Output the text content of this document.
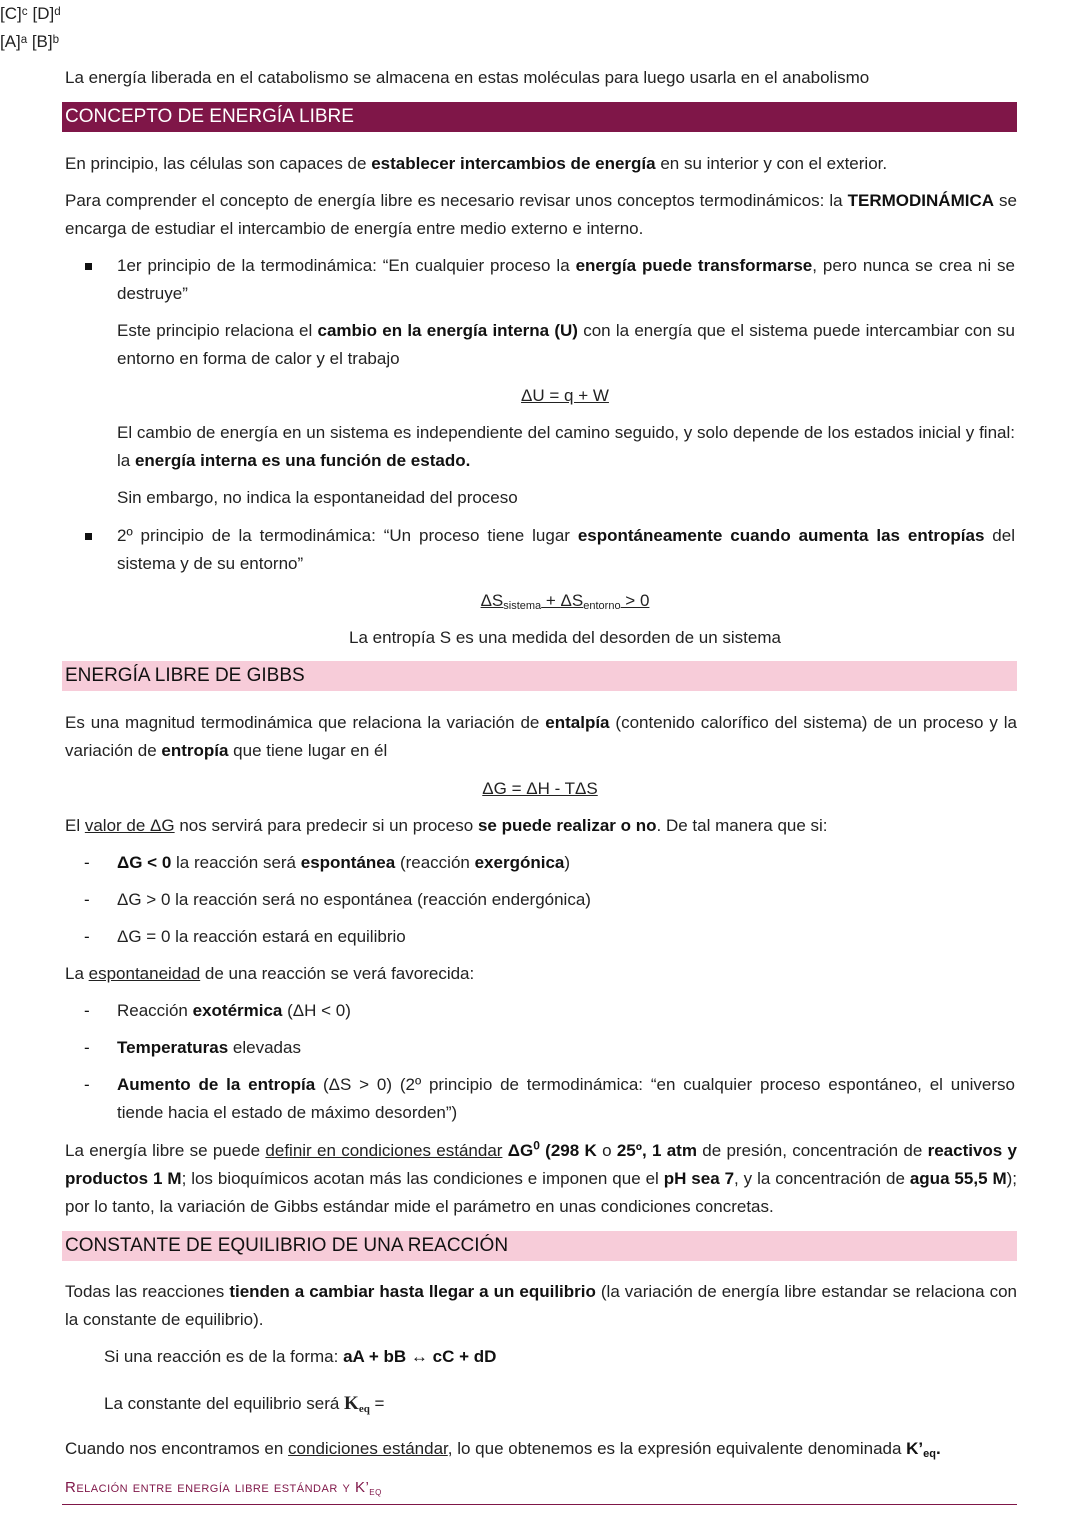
La energía liberada en el catabolismo se almacena en estas moléculas para luego usarla en el anabolismo

CONCEPTO DE ENERGÍA LIBRE

En principio, las células son capaces de establecer intercambios de energía en su interior y con el exterior.

Para comprender el concepto de energía libre es necesario revisar unos conceptos termodinámicos: la TERMODINÁMICA se encarga de estudiar el intercambio de energía entre medio externo e interno.

1er principio de la termodinámica: “En cualquier proceso la energía puede transformarse, pero nunca se crea ni se destruye”

Este principio relaciona el cambio en la energía interna (U) con la energía que el sistema puede intercambiar con su entorno en forma de calor y el trabajo

ΔU = q + W

El cambio de energía en un sistema es independiente del camino seguido, y solo depende de los estados inicial y final: la energía interna es una función de estado.

Sin embargo, no indica la espontaneidad del proceso

2º principio de la termodinámica: “Un proceso tiene lugar espontáneamente cuando aumenta las entropías del sistema y de su entorno”

$\Delta S_{sistema} + \Delta S_{entorno} > 0$

La entropía S es una medida del desorden de un sistema

ENERGÍA LIBRE DE GIBBS

Es una magnitud termodinámica que relaciona la variación de entalpía (contenido calorífico del sistema) de un proceso y la variación de entropía que tiene lugar en él

ΔG = ΔH - TΔS

El valor de ΔG nos servirá para predecir si un proceso se puede realizar o no. De tal manera que si:

- ΔG < 0 la reacción será espontánea (reacción exergónica)

- ΔG > 0 la reacción será no espontánea (reacción endergónica)

- ΔG = 0 la reacción estará en equilibrio

La espontaneidad de una reacción se verá favorecida:

- Reacción exotérmica (ΔH < 0)

- Temperaturas elevadas

- Aumento de la entropía (ΔS > 0) (2º principio de termodinámica: “en cualquier proceso espontáneo, el universo tiende hacia el estado de máximo desorden”)

La energía libre se puede definir en condiciones estándar $\Delta G^0$ (298 K o 25º, 1 atm de presión, concentración de reactivos y productos 1 M; los bioquímicos acotan más las condiciones e imponen que el pH sea 7, y la concentración de agua 55,5 M); por lo tanto, la variación de Gibbs estándar mide el parámetro en unas condiciones concretas.

CONSTANTE DE EQUILIBRIO DE UNA REACCIÓN

Todas las reacciones tienden a cambiar hasta llegar a un equilibrio (la variación de energía libre estandar se relaciona con la constante de equilibrio).

Si una reacción es de la forma: aA + bB ↔ cC + dD

La constante del equilibrio será $K_{eq}$ =

[C]ᶜ [D]ᵈ
[A]ᵃ [B]ᵇ

Cuando nos encontramos en condiciones estándar, lo que obtenemos es la expresión equivalente denominada $K’_{eq}$.

Relación entre energía libre estándar y $K’_{eq}$
